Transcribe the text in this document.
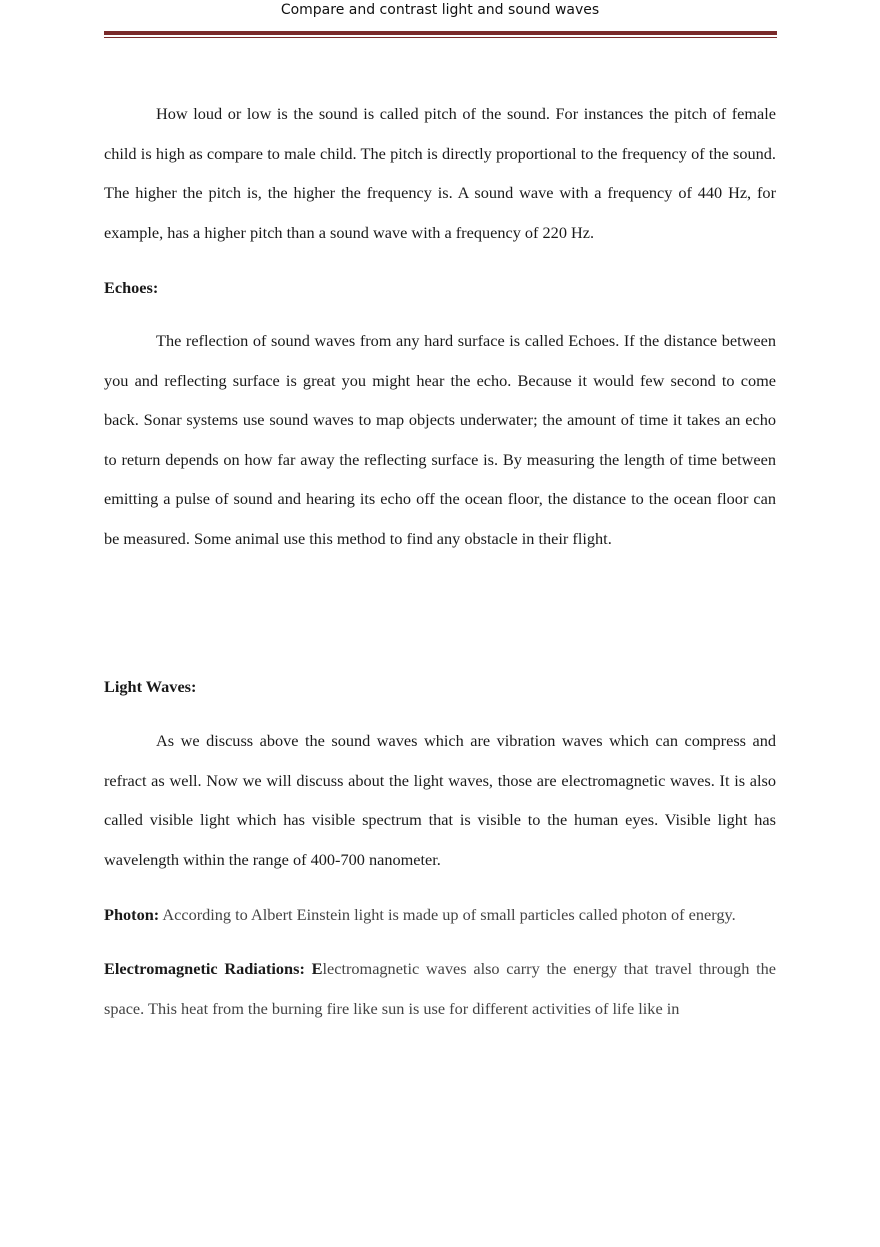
Compare and contrast light and sound waves

How loud or low is the sound is called pitch of the sound. For instances the pitch of female child is high as compare to male child. The pitch is directly proportional to the frequency of the sound. The higher the pitch is, the higher the frequency is. A sound wave with a frequency of 440 Hz, for example, has a higher pitch than a sound wave with a frequency of 220 Hz.

Echoes:

The reflection of sound waves from any hard surface is called Echoes. If the distance between you and reflecting surface is great you might hear the echo. Because it would few second to come back. Sonar systems use sound waves to map objects underwater; the amount of time it takes an echo to return depends on how far away the reflecting surface is. By measuring the length of time between emitting a pulse of sound and hearing its echo off the ocean floor, the distance to the ocean floor can be measured. Some animal use this method to find any obstacle in their flight.

Light Waves:

As we discuss above the sound waves which are vibration waves which can compress and refract as well. Now we will discuss about the light waves, those are electromagnetic waves. It is also called visible light which has visible spectrum that is visible to the human eyes. Visible light has wavelength within the range of 400-700 nanometer.

Photon: According to Albert Einstein light is made up of small particles called photon of energy.

Electromagnetic Radiations: Electromagnetic waves also carry the energy that travel through the space. This heat from the burning fire like sun is use for different activities of life like in
